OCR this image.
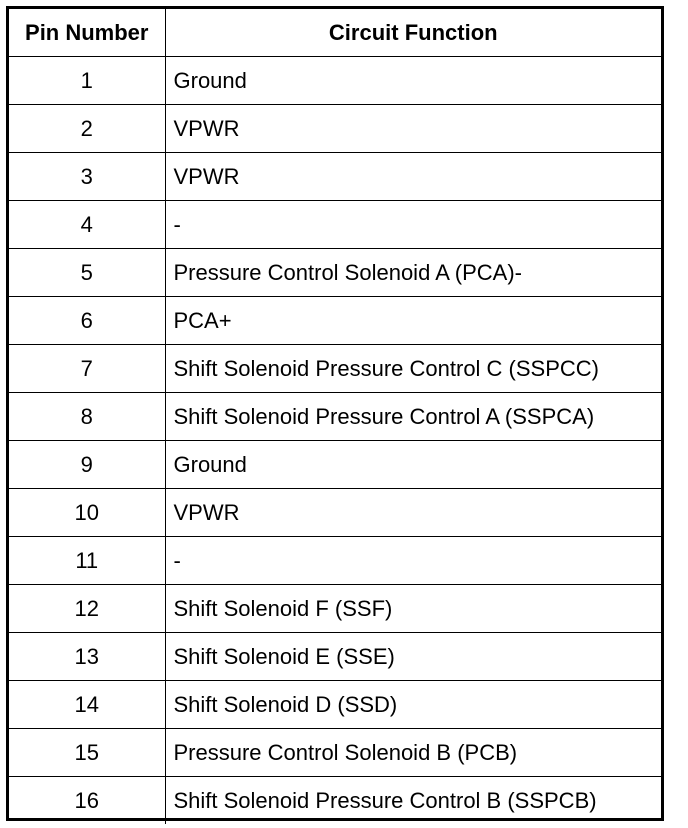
Pin Number	Circuit Function
1	Ground
2	VPWR
3	VPWR
4	-
5	Pressure Control Solenoid A (PCA)-
6	PCA+
7	Shift Solenoid Pressure Control C (SSPCC)
8	Shift Solenoid Pressure Control A (SSPCA)
9	Ground
10	VPWR
11	-
12	Shift Solenoid F (SSF)
13	Shift Solenoid E (SSE)
14	Shift Solenoid D (SSD)
15	Pressure Control Solenoid B (PCB)
16	Shift Solenoid Pressure Control B (SSPCB)
